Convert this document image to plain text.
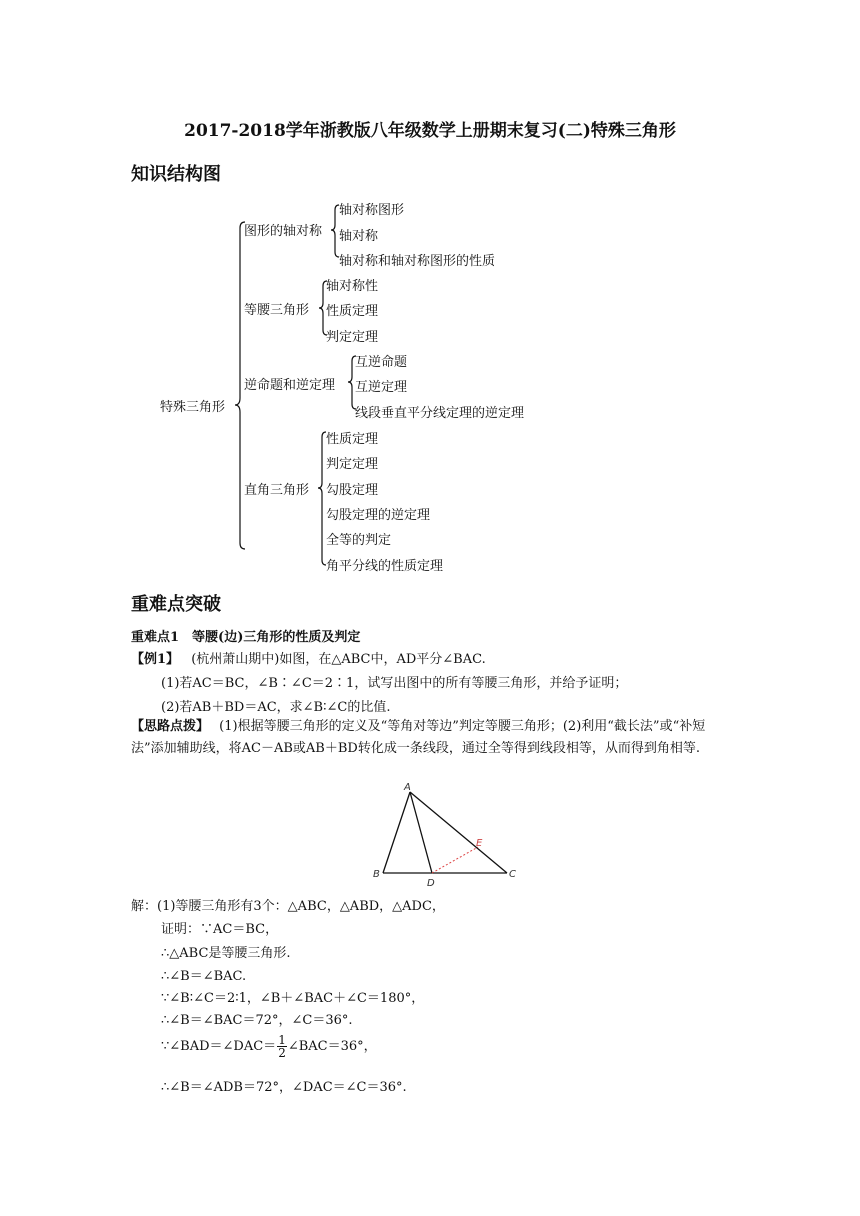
2017-2018学年浙教版八年级数学上册期末复习(二)特殊三角形
知识结构图
特殊三角形
图形的轴对称
轴对称图形
轴对称
轴对称和轴对称图形的性质
等腰三角形
轴对称性
性质定理
判定定理
逆命题和逆定理
互逆命题
互逆定理
线段垂直平分线定理的逆定理
直角三角形
性质定理
判定定理
勾股定理
勾股定理的逆定理
全等的判定
角平分线的性质定理
重难点突破
重难点1　等腰(边)三角形的性质及判定
【例1】 (杭州萧山期中)如图，在△ABC中，AD平分∠BAC.
(1)若AC＝BC，∠B∶∠C＝2∶1，试写出图中的所有等腰三角形，并给予证明；
(2)若AB＋BD＝AC，求∠B∶∠C的比值.
【思路点拨】 (1)根据等腰三角形的定义及“等角对等边”判定等腰三角形；(2)利用“截长法”或“补短法”添加辅助线，将AC－AB或AB＋BD转化成一条线段，通过全等得到线段相等，从而得到角相等.
A
B	C
D
E
解：(1)等腰三角形有3个：△ABC，△ABD，△ADC，
证明：∵AC＝BC，
∴△ABC是等腰三角形.
∴∠B＝∠BAC.
∵∠B∶∠C＝2∶1，∠B＋∠BAC＋∠C＝180°，
∴∠B＝∠BAC＝72°，∠C＝36°.
∵∠BAD＝∠DAC＝ $\frac{1}{2}$ ∠BAC＝36°，
∴∠B＝∠ADB＝72°，∠DAC＝∠C＝36°.
